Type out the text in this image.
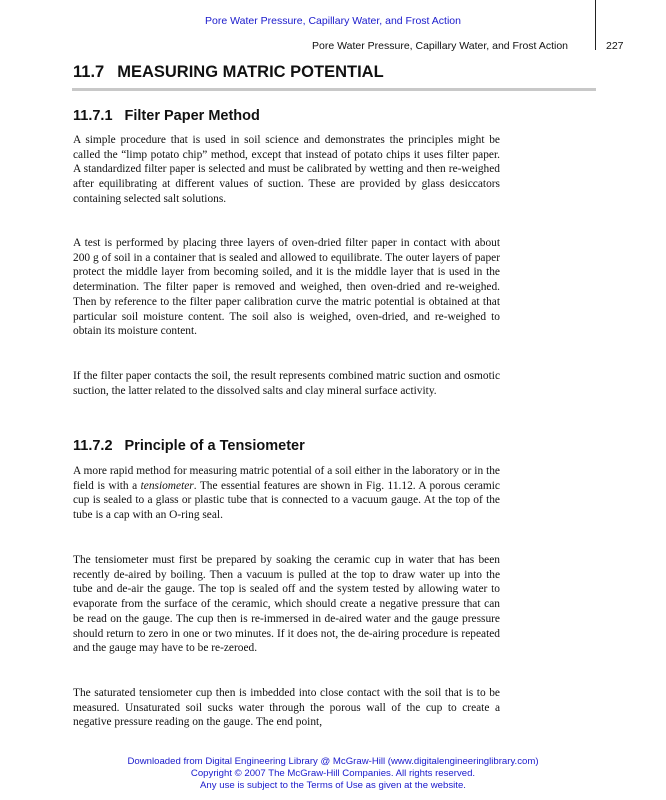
Pore Water Pressure, Capillary Water, and Frost Action
Pore Water Pressure, Capillary Water, and Frost Action	227
11.7 MEASURING MATRIC POTENTIAL
11.7.1 Filter Paper Method

A simple procedure that is used in soil science and demonstrates the principles might be called the “limp potato chip” method, except that instead of potato chips it uses filter paper. A standardized filter paper is selected and must be calibrated by wetting and then re-weighed after equilibrating at different values of suction. These are provided by glass desiccators containing selected salt solutions.

A test is performed by placing three layers of oven-dried filter paper in contact with about 200 g of soil in a container that is sealed and allowed to equilibrate. The outer layers of paper protect the middle layer from becoming soiled, and it is the middle layer that is used in the determination. The filter paper is removed and weighed, then oven-dried and re-weighed. Then by reference to the filter paper calibration curve the matric potential is obtained at that particular soil moisture content. The soil also is weighed, oven-dried, and re-weighed to obtain its moisture content.

If the filter paper contacts the soil, the result represents combined matric suction and osmotic suction, the latter related to the dissolved salts and clay mineral surface activity.

11.7.2 Principle of a Tensiometer

A more rapid method for measuring matric potential of a soil either in the laboratory or in the field is with a tensiometer. The essential features are shown in Fig. 11.12. A porous ceramic cup is sealed to a glass or plastic tube that is connected to a vacuum gauge. At the top of the tube is a cap with an O-ring seal.

The tensiometer must first be prepared by soaking the ceramic cup in water that has been recently de-aired by boiling. Then a vacuum is pulled at the top to draw water up into the tube and de-air the gauge. The top is sealed off and the system tested by allowing water to evaporate from the surface of the ceramic, which should create a negative pressure that can be read on the gauge. The cup then is re-immersed in de-aired water and the gauge pressure should return to zero in one or two minutes. If it does not, the de-airing procedure is repeated and the gauge may have to be re-zeroed.

The saturated tensiometer cup then is imbedded into close contact with the soil that is to be measured. Unsaturated soil sucks water through the porous wall of the cup to create a negative pressure reading on the gauge. The end point,

Downloaded from Digital Engineering Library @ McGraw-Hill (www.digitalengineeringlibrary.com)
Copyright © 2007 The McGraw-Hill Companies. All rights reserved.
Any use is subject to the Terms of Use as given at the website.
